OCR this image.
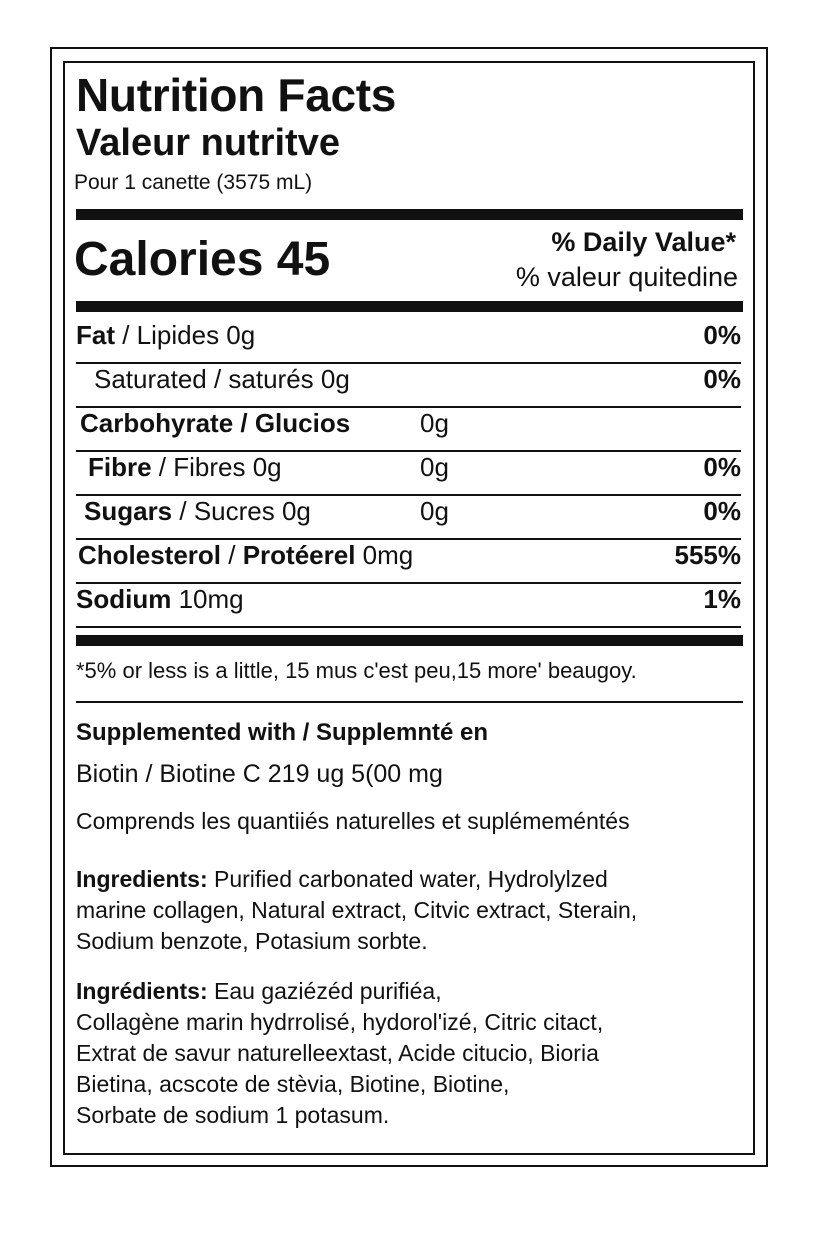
Nutrition Facts
Valeur nutritve
Pour 1 canette (3575 mL)
Calories 45	% Daily Value*
% valeur quitedine
Fat / Lipides 0g	0%
Saturated / saturés 0g	0%
Carbohyrate / Glucios	0g
Fibre / Fibres 0g	0g	0%
Sugars / Sucres 0g	0g	0%
Cholesterol / Protéerel 0mg	555%
Sodium 10mg	1%
*5% or less is a little, 15 mus c'est peu,15 more' beaugoy.
Supplemented with / Supplemnté en
Biotin / Biotine C 219 ug 5(00 mg
Comprends les quantiiés naturelles et suplémeméntés
Ingredients: Purified carbonated water, Hydrolylzed
marine collagen, Natural extract, Citvic extract, Sterain,
Sodium benzote, Potasium sorbte.
Ingrédients: Eau gaziézéd purifiéa,
Collagène marin hydrrolisé, hydorol'izé, Citric citact,
Extrat de savur naturelleextast, Acide citucio, Bioria
Bietina, acscote de stèvia, Biotine, Biotine,
Sorbate de sodium 1 potasum.
